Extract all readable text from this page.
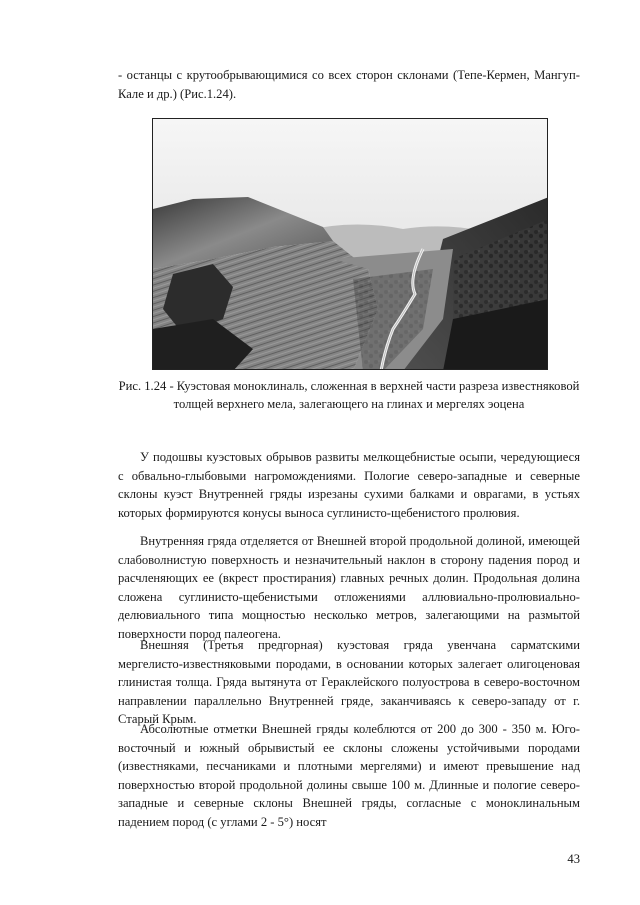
- останцы с крутообрывающимися со всех сторон склонами (Тепе-Кермен, Мангуп-Кале и др.) (Рис.1.24).

Рис. 1.24 - Куэстовая моноклиналь, сложенная в верхней части разреза известняковой толщей верхнего мела, залегающего на глинах и мергелях эоцена

У подошвы куэстовых обрывов развиты мелкощебнистые осыпи, чередующиеся с обвально-глыбовыми нагромождениями. Пологие северо-западные и северные склоны куэст Внутренней гряды изрезаны сухими балками и оврагами, в устьях которых формируются конусы выноса суглинисто-щебенистого пролювия.

Внутренняя гряда отделяется от Внешней второй продольной долиной, имеющей слабоволнистую поверхность и незначительный наклон в сторону падения пород и расчленяющих ее (вкрест простирания) главных речных долин. Продольная долина сложена суглинисто-щебенистыми отложениями аллювиально-пролювиально-делювиального типа мощностью несколько метров, залегающими на размытой поверхности пород палеогена.

Внешняя (Третья предгорная) куэстовая гряда увенчана сарматскими мергелисто-известняковыми породами, в основании которых залегает олигоценовая глинистая толща. Гряда вытянута от Гераклейского полуострова в северо-восточном направлении параллельно Внутренней гряде, заканчиваясь к северо-западу от г. Старый Крым.

Абсолютные отметки Внешней гряды колеблются от 200 до 300 - 350 м. Юго-восточный и южный обрывистый ее склоны сложены устойчивыми породами (известняками, песчаниками и плотными мергелями) и имеют превышение над поверхностью второй продольной долины свыше 100 м. Длинные и пологие северо-западные и северные склоны Внешней гряды, согласные с моноклинальным падением пород (с углами 2 - 5°) носят

43
